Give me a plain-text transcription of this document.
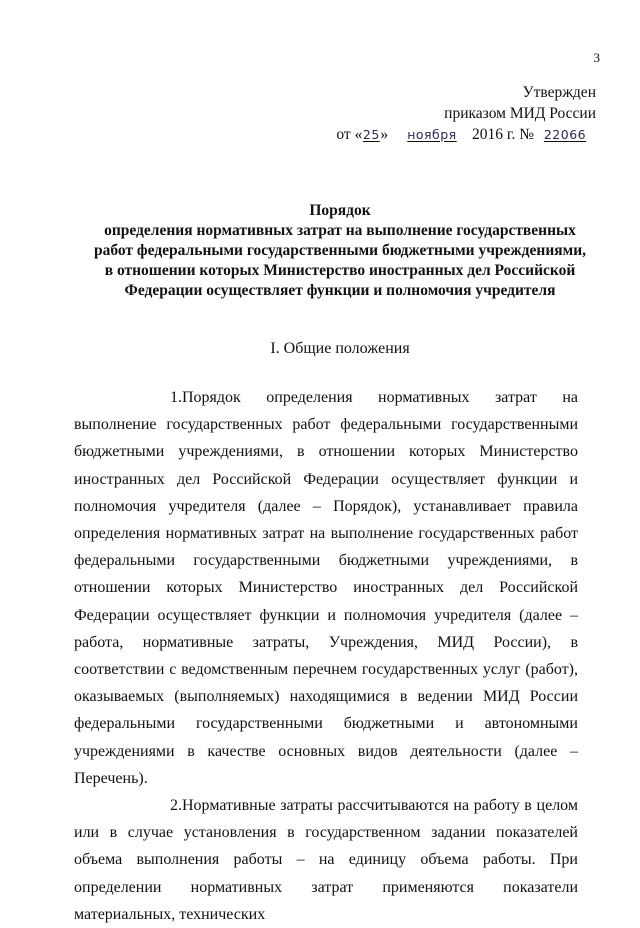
3
Утвержден
приказом МИД России
от «25» ноября 2016 г. № 22066
Порядок
определения нормативных затрат на выполнение государственных
работ федеральными государственными бюджетными учреждениями,
в отношении которых Министерство иностранных дел Российской
Федерации осуществляет функции и полномочия учредителя
I. Общие положения

1.Порядок определения нормативных затрат на выполнение государственных работ федеральными государственными бюджетными учреждениями, в отношении которых Министерство иностранных дел Российской Федерации осуществляет функции и полномочия учредителя (далее – Порядок), устанавливает правила определения нормативных затрат на выполнение государственных работ федеральными государственными бюджетными учреждениями, в отношении которых Министерство иностранных дел Российской Федерации осуществляет функции и полномочия учредителя (далее – работа, нормативные затраты, Учреждения, МИД России), в соответствии с ведомственным перечнем государственных услуг (работ), оказываемых (выполняемых) находящимися в ведении МИД России федеральными государственными бюджетными и автономными учреждениями в качестве основных видов деятельности (далее – Перечень).

2.Нормативные затраты рассчитываются на работу в целом или в случае установления в государственном задании показателей объема выполнения работы – на единицу объема работы. При определении нормативных затрат применяются показатели материальных, технических
